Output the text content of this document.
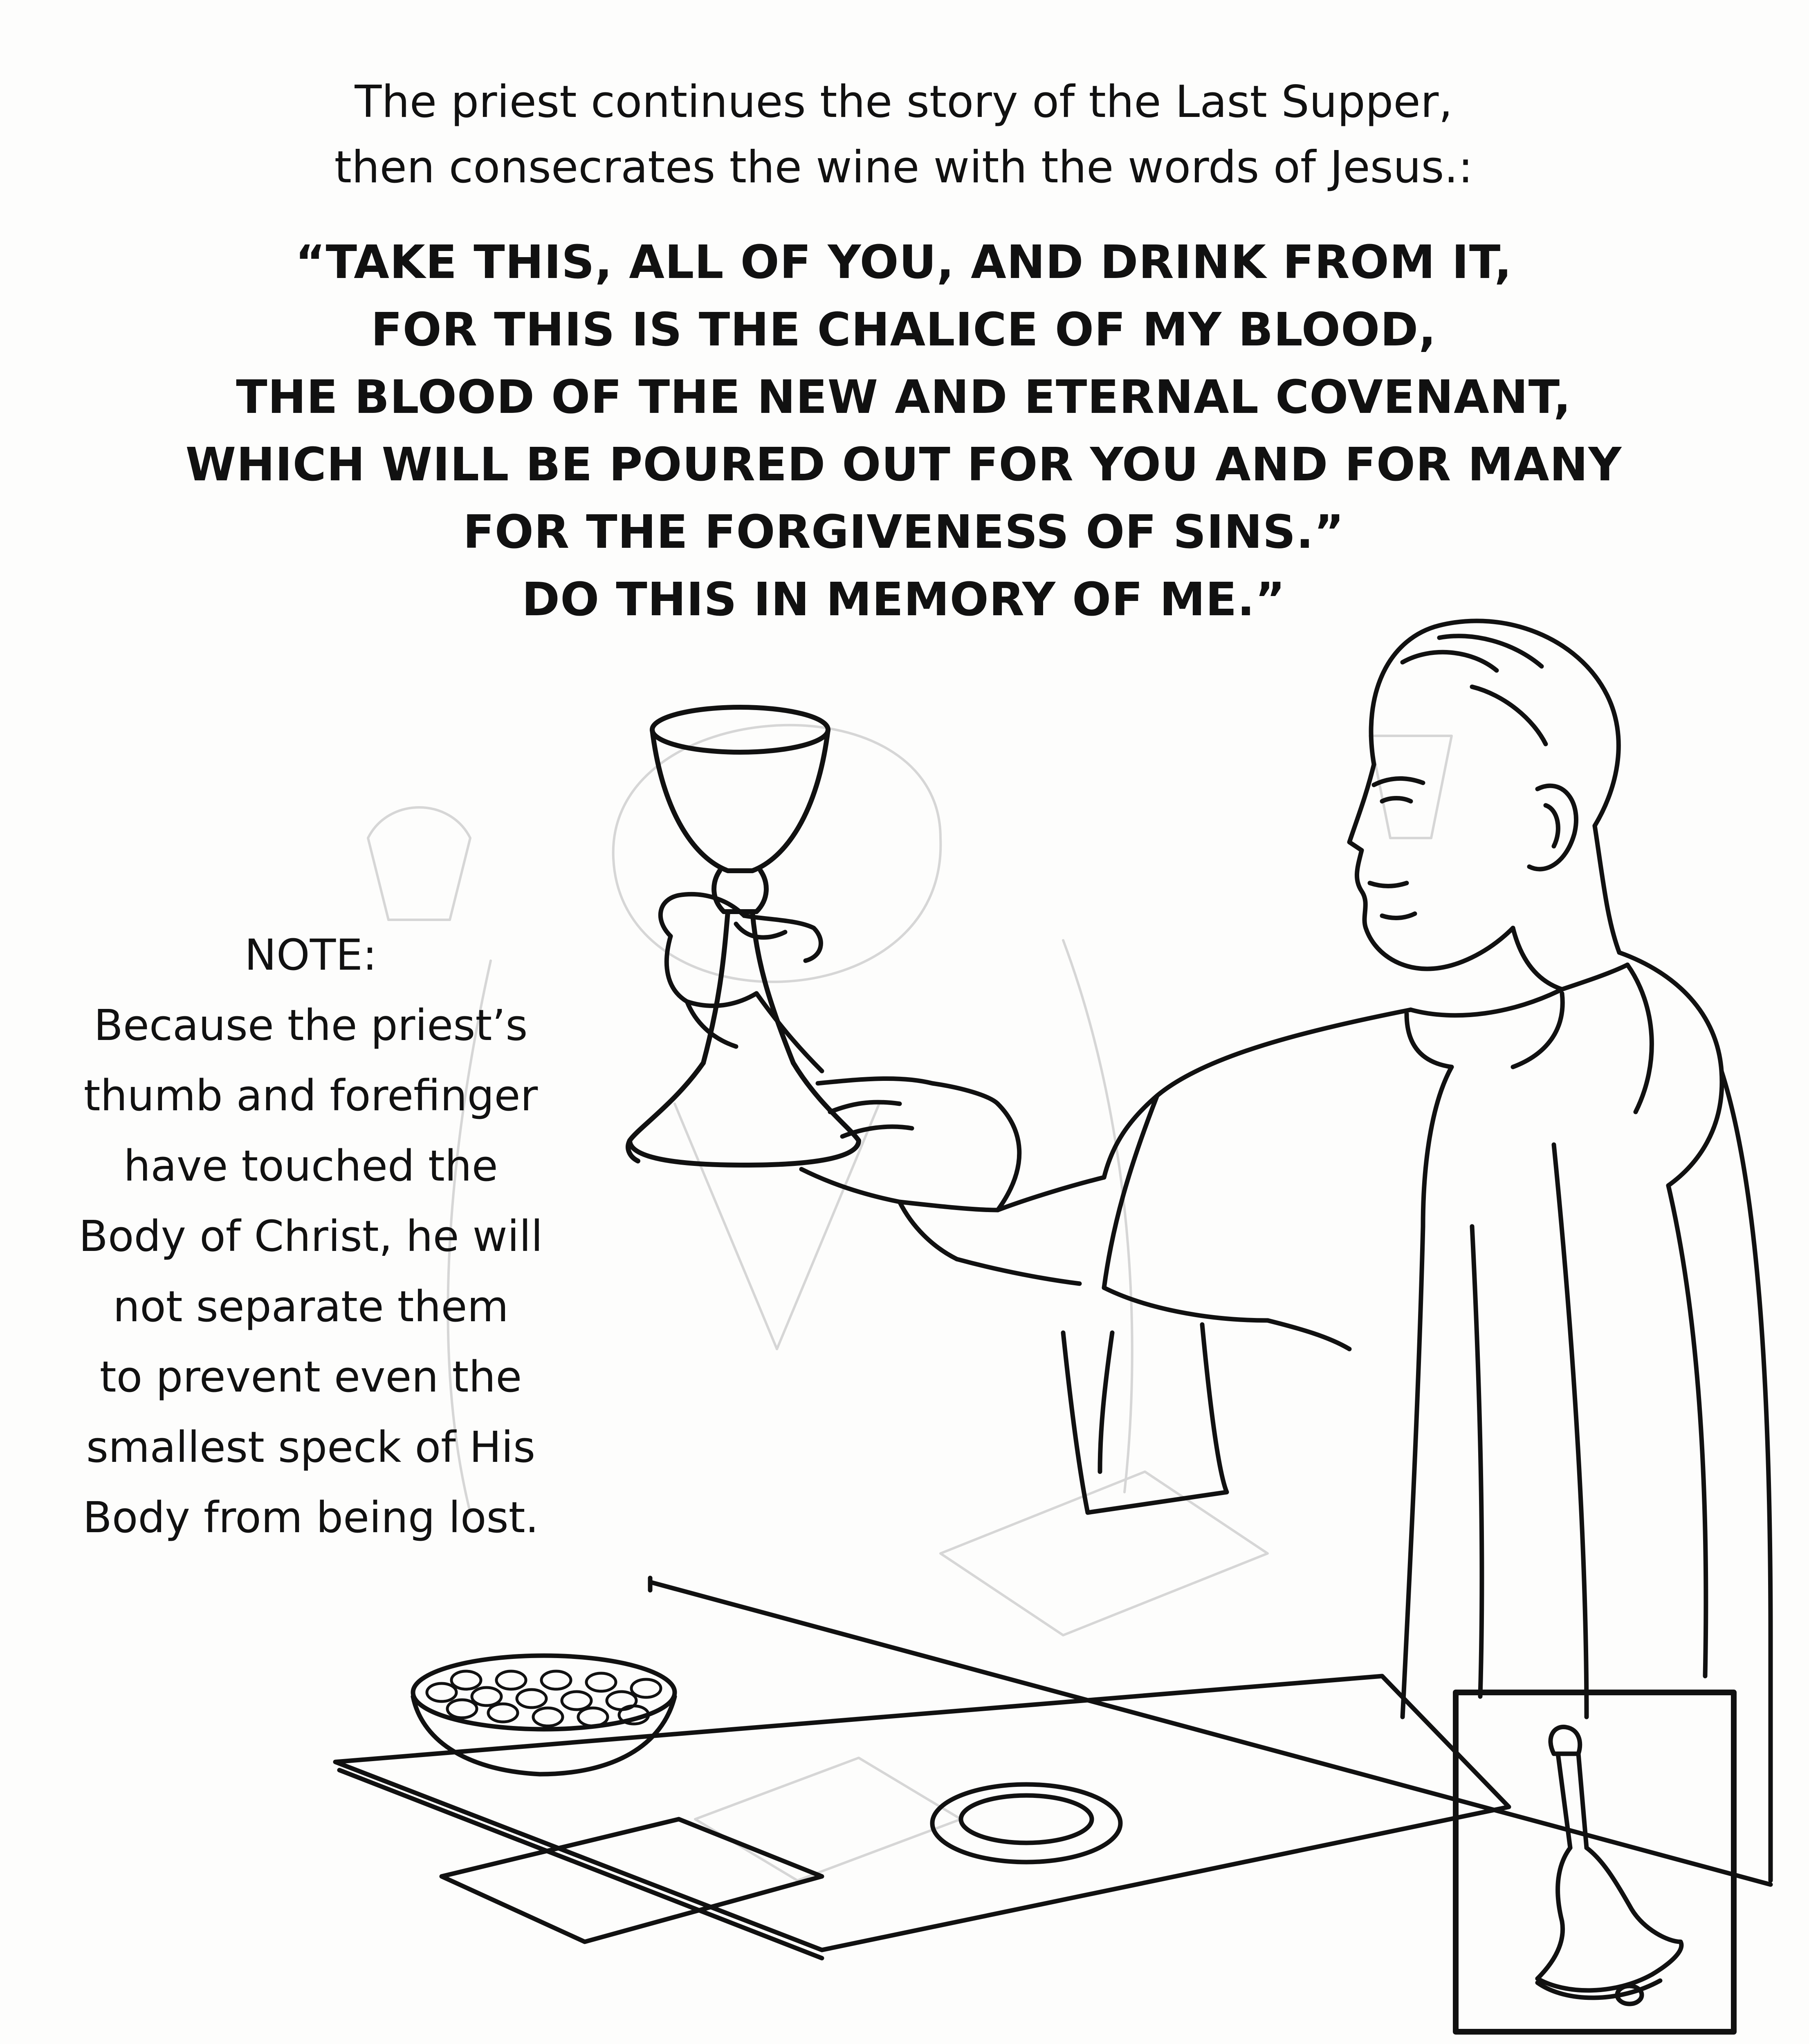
The priest continues the story of the Last Supper,
then consecrates the wine with the words of Jesus.:
“TAKE THIS, ALL OF YOU, AND DRINK FROM IT,
FOR THIS IS THE CHALICE OF MY BLOOD,
THE BLOOD OF THE NEW AND ETERNAL COVENANT,
WHICH WILL BE POURED OUT FOR YOU AND FOR MANY
FOR THE FORGIVENESS OF SINS.”
DO THIS IN MEMORY OF ME.”
NOTE:
Because the priest’s
thumb and forefinger
have touched the
Body of Christ, he will
not separate them
to prevent even the
smallest speck of His
Body from being lost.
